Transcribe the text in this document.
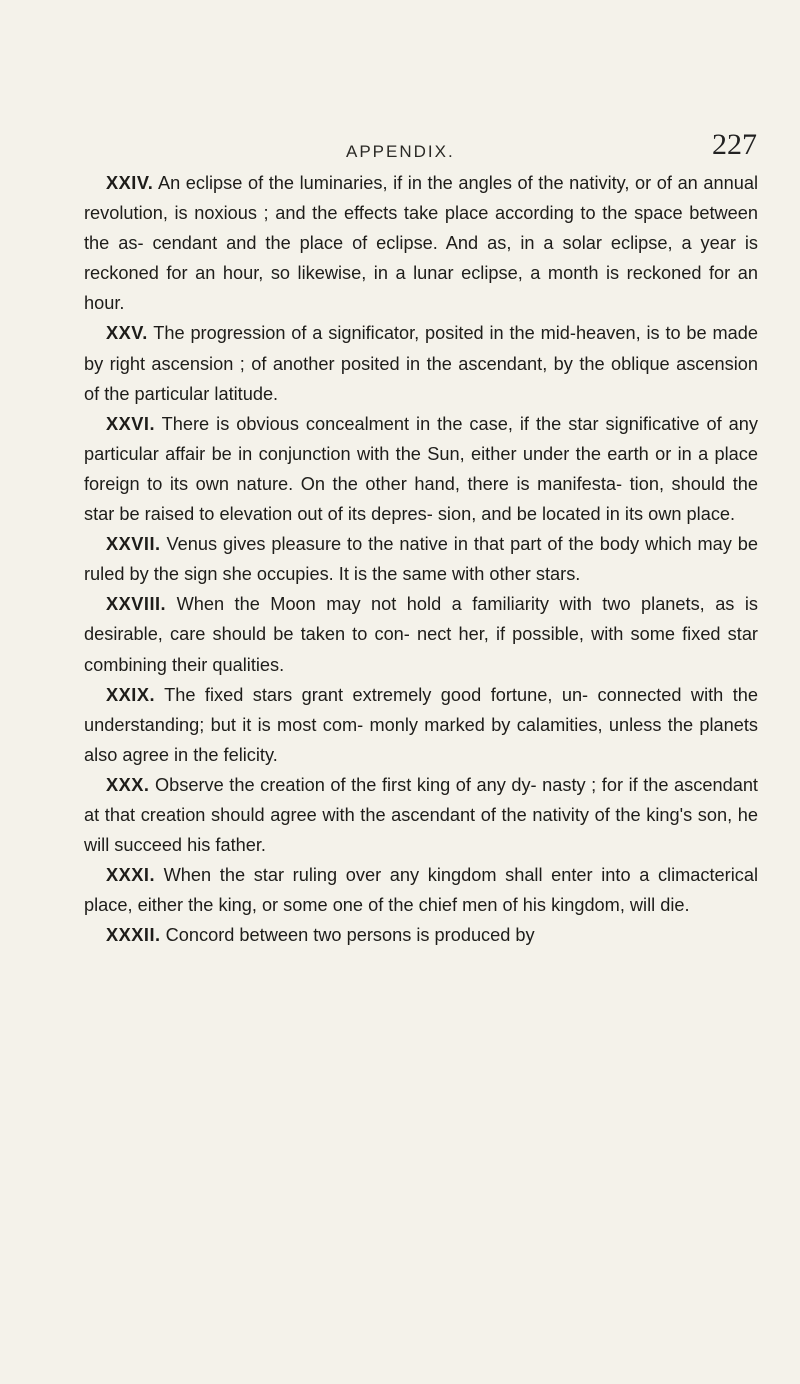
APPENDIX.	227

XXIV. An eclipse of the luminaries, if in the angles of the nativity, or of an annual revolution, is noxious ; and the effects take place according to the space between the as- cendant and the place of eclipse. And as, in a solar eclipse, a year is reckoned for an hour, so likewise, in a lunar eclipse, a month is reckoned for an hour.

XXV. The progression of a significator, posited in the mid-heaven, is to be made by right ascension ; of another posited in the ascendant, by the oblique ascension of the particular latitude.

XXVI. There is obvious concealment in the case, if the star significative of any particular affair be in conjunction with the Sun, either under the earth or in a place foreign to its own nature. On the other hand, there is manifesta- tion, should the star be raised to elevation out of its depres- sion, and be located in its own place.

XXVII. Venus gives pleasure to the native in that part of the body which may be ruled by the sign she occupies. It is the same with other stars.

XXVIII. When the Moon may not hold a familiarity with two planets, as is desirable, care should be taken to con- nect her, if possible, with some fixed star combining their qualities.

XXIX. The fixed stars grant extremely good fortune, un- connected with the understanding; but it is most com- monly marked by calamities, unless the planets also agree in the felicity.

XXX. Observe the creation of the first king of any dy- nasty ; for if the ascendant at that creation should agree with the ascendant of the nativity of the king's son, he will succeed his father.

XXXI. When the star ruling over any kingdom shall enter into a climacterical place, either the king, or some one of the chief men of his kingdom, will die.

XXXII. Concord between two persons is produced by
